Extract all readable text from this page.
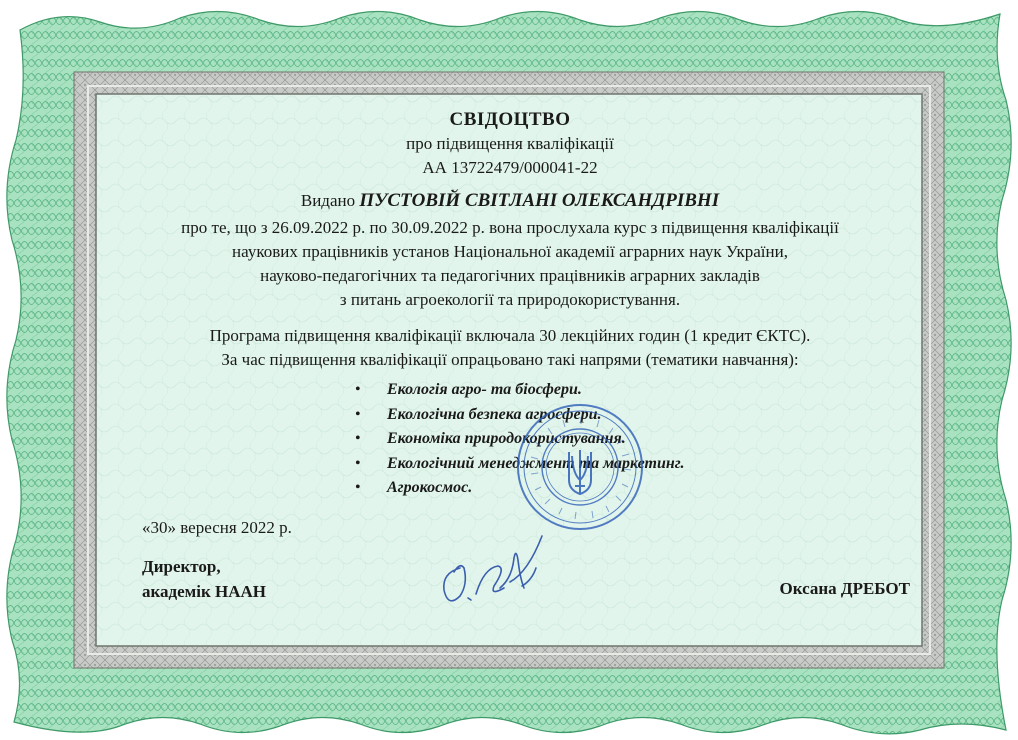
СВІДОЦТВО
про підвищення кваліфікації
АА 13722479/000041-22
Видано ПУСТОВІЙ СВІТЛАНІ ОЛЕКСАНДРІВНІ
про те, що з 26.09.2022 р. по 30.09.2022 р. вона прослухала курс з підвищення кваліфікації
наукових працівників установ Національної академії аграрних наук України,
науково-педагогічних та педагогічних працівників аграрних закладів
з питань агроекології та природокористування.
Програма підвищення кваліфікації включала 30 лекційних годин (1 кредит ЄКТС).
За час підвищення кваліфікації опрацьовано такі напрями (тематики навчання):
•	Екологія агро- та біосфери.
•	Екологічна безпека агросфери.
•	Економіка природокористування.
•	Екологічний менеджмент та маркетинг.
•	Агрокосмос.
«30» вересня 2022 р.
Директор,
академік НААН	Оксана ДРЕБОТ
